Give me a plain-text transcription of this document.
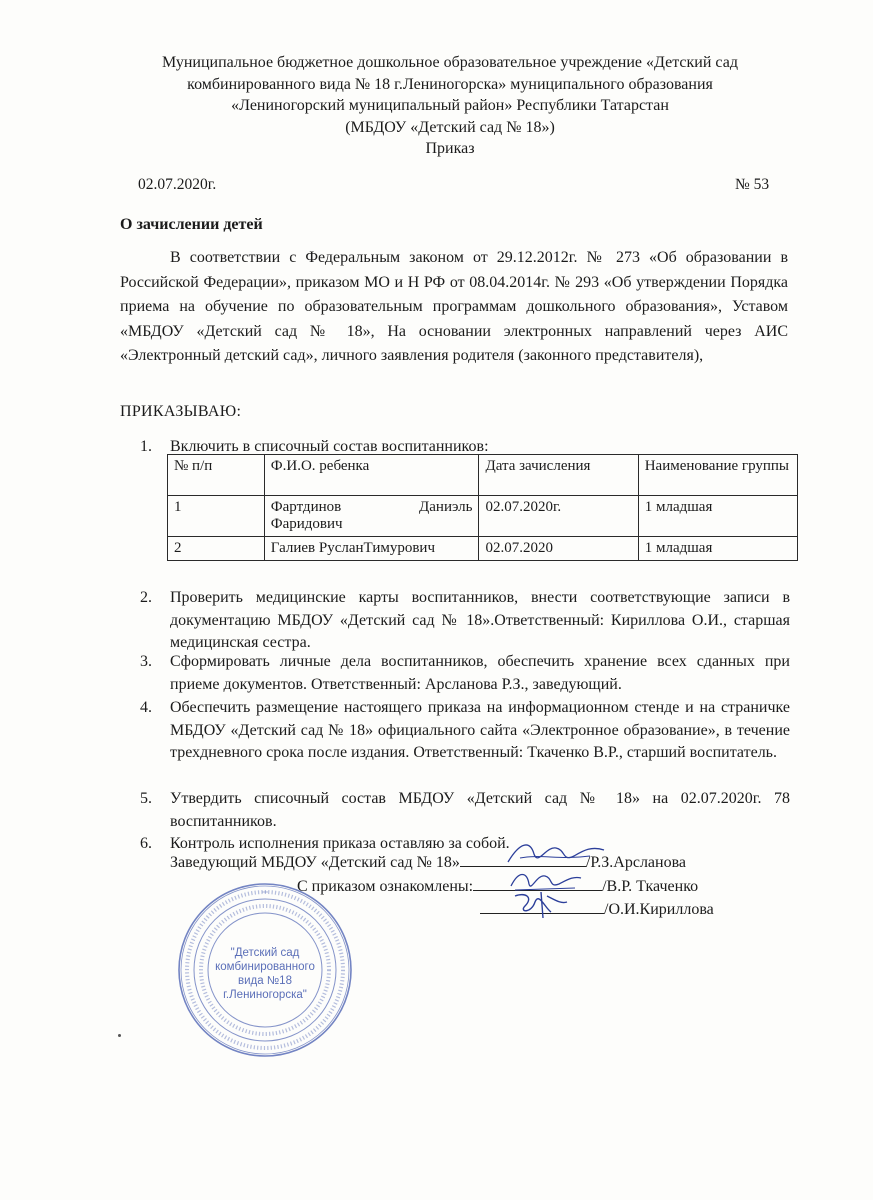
Муниципальное бюджетное дошкольное образовательное учреждение «Детский сад
комбинированного вида № 18 г.Лениногорска» муниципального образования
«Лениногорский муниципальный район» Республики Татарстан
(МБДОУ «Детский сад № 18»)
Приказ
02.07.2020г.	№ 53
О зачислении детей
В соответствии с Федеральным законом от 29.12.2012г. № 273 «Об образовании в Российской Федерации», приказом МО и Н РФ от 08.04.2014г. № 293 «Об утверждении Порядка приема на обучение по образовательным программам дошкольного образования», Уставом «МБДОУ «Детский сад № 18», На основании электронных направлений через АИС «Электронный детский сад», личного заявления родителя (законного представителя),
ПРИКАЗЫВАЮ:
1.	Включить в списочный состав воспитанников:
№ п/п	Ф.И.О. ребенка	Дата зачисления	Наименование группы
1	Фартдинов Даниэль Фаридович	02.07.2020г.	1 младшая
2	Галиев РусланТимурович	02.07.2020	1 младшая
2.	Проверить медицинские карты воспитанников, внести соответствующие записи в документацию МБДОУ «Детский сад № 18».Ответственный: Кириллова О.И., старшая медицинская сестра.
3.	Сформировать личные дела воспитанников, обеспечить хранение всех сданных при приеме документов. Ответственный: Арсланова Р.З., заведующий.
4.	Обеспечить размещение настоящего приказа на информационном стенде и на страничке МБДОУ «Детский сад № 18» официального сайта «Электронное образование», в течение трехдневного срока после издания. Ответственный: Ткаченко В.Р., старший воспитатель.
5.	Утвердить списочный состав МБДОУ «Детский сад № 18» на 02.07.2020г. 78 воспитанников.
6.	Контроль исполнения приказа оставляю за собой.
Заведующий МБДОУ «Детский сад № 18»	/Р.З.Арсланова
С приказом ознакомлены:	/В.Р. Ткаченко
/О.И.Кириллова
"Детский сад
комбинированного
вида №18
г.Лениногорска"
